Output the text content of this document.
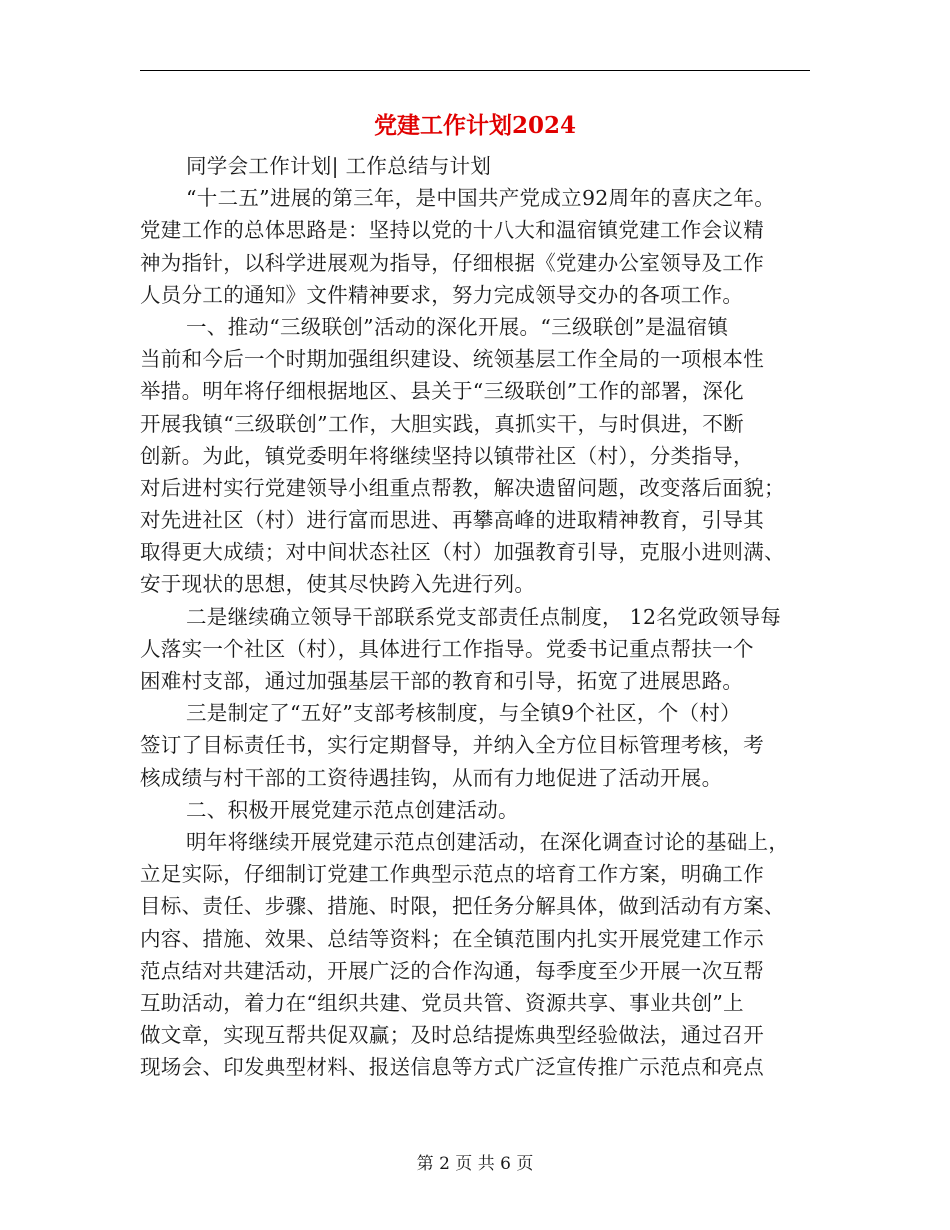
党建工作计划2024
同学会工作计划| 工作总结与计划
“十二五”进展的第三年，是中国共产党成立92周年的喜庆之年。
党建工作的总体思路是：坚持以党的十八大和温宿镇党建工作会议精
神为指针，以科学进展观为指导，仔细根据《党建办公室领导及工作
人员分工的通知》文件精神要求，努力完成领导交办的各项工作。
一、推动“三级联创”活动的深化开展。“三级联创”是温宿镇
当前和今后一个时期加强组织建设、统领基层工作全局的一项根本性
举措。明年将仔细根据地区、县关于“三级联创”工作的部署，深化
开展我镇“三级联创”工作，大胆实践，真抓实干，与时俱进，不断
创新。为此，镇党委明年将继续坚持以镇带社区（村），分类指导，
对后进村实行党建领导小组重点帮教，解决遗留问题，改变落后面貌；
对先进社区（村）进行富而思进、再攀高峰的进取精神教育，引导其
取得更大成绩；对中间状态社区（村）加强教育引导，克服小进则满、
安于现状的思想，使其尽快跨入先进行列。
二是继续确立领导干部联系党支部责任点制度， 12名党政领导每
人落实一个社区（村），具体进行工作指导。党委书记重点帮扶一个
困难村支部，通过加强基层干部的教育和引导，拓宽了进展思路。
三是制定了“五好”支部考核制度，与全镇9个社区，个（村）
签订了目标责任书，实行定期督导，并纳入全方位目标管理考核，考
核成绩与村干部的工资待遇挂钩，从而有力地促进了活动开展。
二、积极开展党建示范点创建活动。
明年将继续开展党建示范点创建活动，在深化调查讨论的基础上，
立足实际，仔细制订党建工作典型示范点的培育工作方案，明确工作
目标、责任、步骤、措施、时限，把任务分解具体，做到活动有方案、
内容、措施、效果、总结等资料；在全镇范围内扎实开展党建工作示
范点结对共建活动，开展广泛的合作沟通，每季度至少开展一次互帮
互助活动，着力在“组织共建、党员共管、资源共享、事业共创”上
做文章，实现互帮共促双赢；及时总结提炼典型经验做法，通过召开
现场会、印发典型材料、报送信息等方式广泛宣传推广示范点和亮点
第 2 页 共 6 页
